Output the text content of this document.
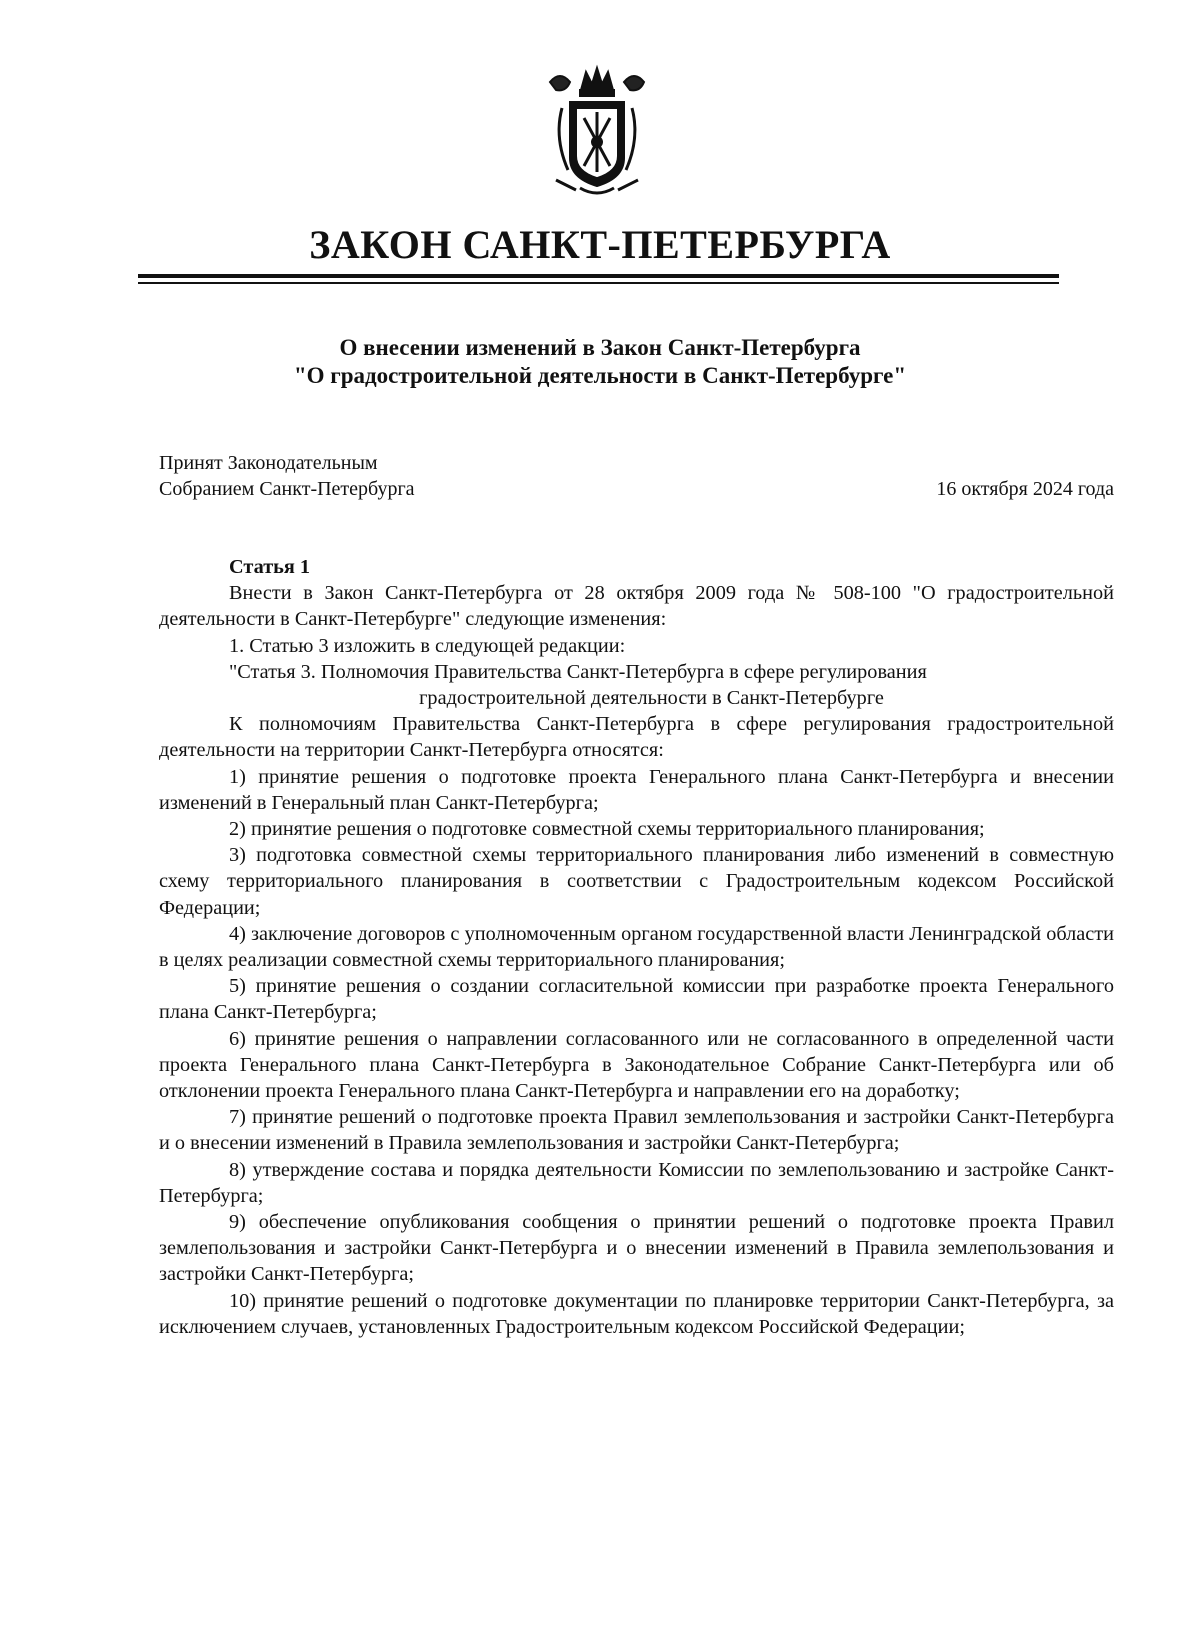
ЗАКОН САНКТ-ПЕТЕРБУРГА
О внесении изменений в Закон Санкт-Петербурга
"О градостроительной деятельности в Санкт-Петербурге"
Принят Законодательным
Собранием Санкт-Петербурга	16 октября 2024 года

Статья 1

Внести в Закон Санкт-Петербурга от 28 октября 2009 года № 508-100 "О градостроительной деятельности в Санкт-Петербурге" следующие изменения:

1. Статью 3 изложить в следующей редакции:

"Статья 3. Полномочия Правительства Санкт-Петербурга в сфере регулирования

градостроительной деятельности в Санкт-Петербурге

К полномочиям Правительства Санкт-Петербурга в сфере регулирования градостроительной деятельности на территории Санкт-Петербурга относятся:

1) принятие решения о подготовке проекта Генерального плана Санкт-Петербурга и внесении изменений в Генеральный план Санкт-Петербурга;

2) принятие решения о подготовке совместной схемы территориального планирования;

3) подготовка совместной схемы территориального планирования либо изменений в совместную схему территориального планирования в соответствии с Градостроительным кодексом Российской Федерации;

4) заключение договоров с уполномоченным органом государственной власти Ленинградской области в целях реализации совместной схемы территориального планирования;

5) принятие решения о создании согласительной комиссии при разработке проекта Генерального плана Санкт-Петербурга;

6) принятие решения о направлении согласованного или не согласованного в определенной части проекта Генерального плана Санкт-Петербурга в Законодательное Собрание Санкт-Петербурга или об отклонении проекта Генерального плана Санкт-Петербурга и направлении его на доработку;

7) принятие решений о подготовке проекта Правил землепользования и застройки Санкт-Петербурга и о внесении изменений в Правила землепользования и застройки Санкт-Петербурга;

8) утверждение состава и порядка деятельности Комиссии по землепользованию и застройке Санкт-Петербурга;

9) обеспечение опубликования сообщения о принятии решений о подготовке проекта Правил землепользования и застройки Санкт-Петербурга и о внесении изменений в Правила землепользования и застройки Санкт-Петербурга;

10) принятие решений о подготовке документации по планировке территории Санкт-Петербурга, за исключением случаев, установленных Градостроительным кодексом Российской Федерации;
